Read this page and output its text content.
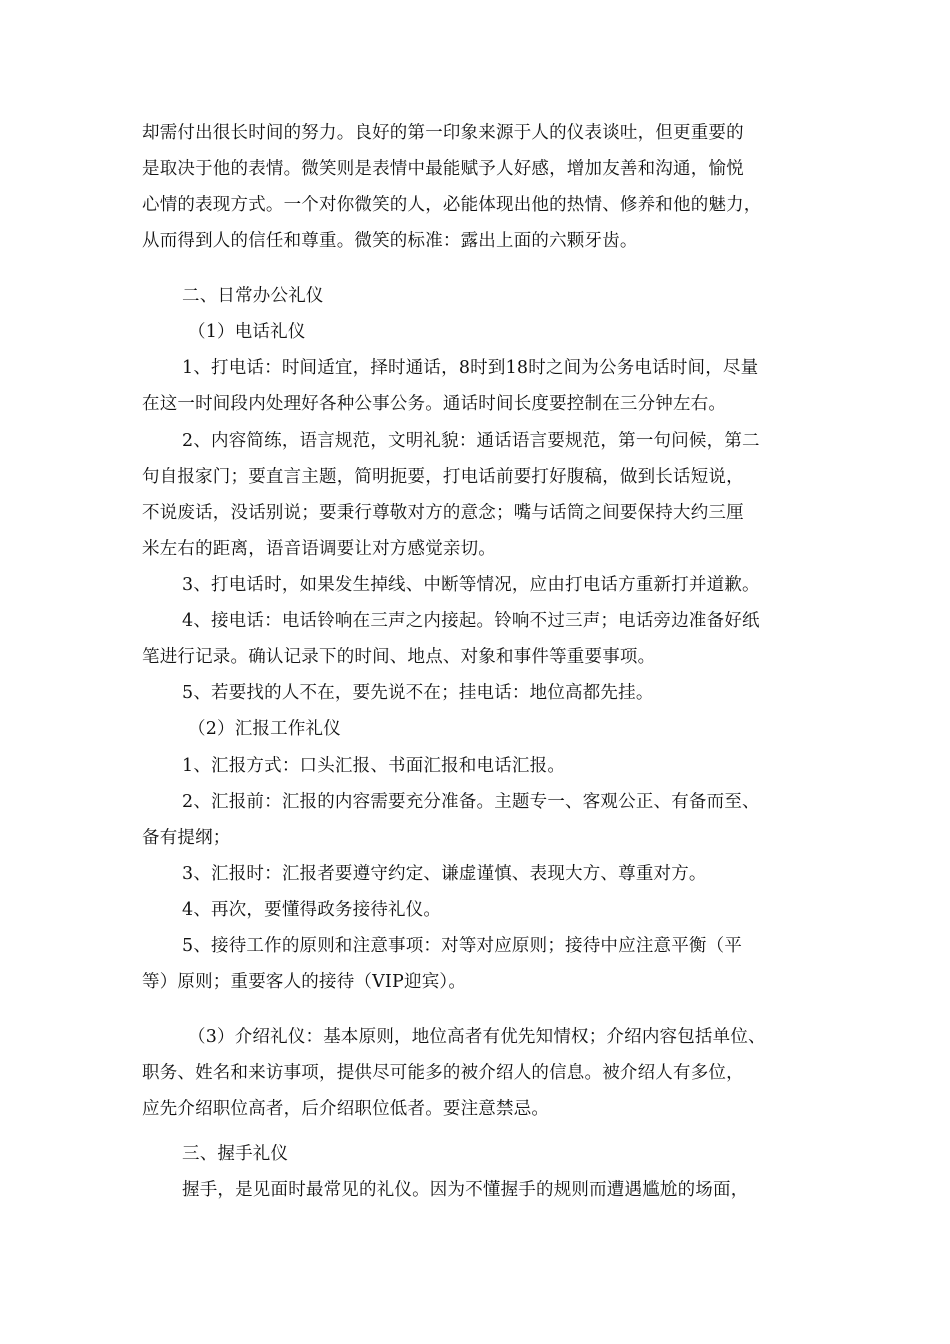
却需付出很长时间的努力。良好的第一印象来源于人的仪表谈吐，但更重要的
是取决于他的表情。微笑则是表情中最能赋予人好感，增加友善和沟通，愉悦
心情的表现方式。一个对你微笑的人，必能体现出他的热情、修养和他的魅力，
从而得到人的信任和尊重。微笑的标准：露出上面的六颗牙齿。
二、日常办公礼仪
（1）电话礼仪
1、打电话：时间适宜，择时通话，8时到18时之间为公务电话时间，尽量
在这一时间段内处理好各种公事公务。通话时间长度要控制在三分钟左右。
2、内容简练，语言规范，文明礼貌：通话语言要规范，第一句问候，第二
句自报家门；要直言主题，简明扼要，打电话前要打好腹稿，做到长话短说，
不说废话，没话别说；要秉行尊敬对方的意念；嘴与话筒之间要保持大约三厘
米左右的距离，语音语调要让对方感觉亲切。
3、打电话时，如果发生掉线、中断等情况，应由打电话方重新打并道歉。
4、接电话：电话铃响在三声之内接起。铃响不过三声；电话旁边准备好纸
笔进行记录。确认记录下的时间、地点、对象和事件等重要事项。
5、若要找的人不在，要先说不在；挂电话：地位高都先挂。
（2）汇报工作礼仪
1、汇报方式：口头汇报、书面汇报和电话汇报。
2、汇报前：汇报的内容需要充分准备。主题专一、客观公正、有备而至、
备有提纲；
3、汇报时：汇报者要遵守约定、谦虚谨慎、表现大方、尊重对方。
4、再次，要懂得政务接待礼仪。
5、接待工作的原则和注意事项：对等对应原则；接待中应注意平衡（平
等）原则；重要客人的接待（VIP迎宾）。
（3）介绍礼仪：基本原则，地位高者有优先知情权；介绍内容包括单位、
职务、姓名和来访事项，提供尽可能多的被介绍人的信息。被介绍人有多位，
应先介绍职位高者，后介绍职位低者。要注意禁忌。
三、握手礼仪
握手，是见面时最常见的礼仪。因为不懂握手的规则而遭遇尴尬的场面，
